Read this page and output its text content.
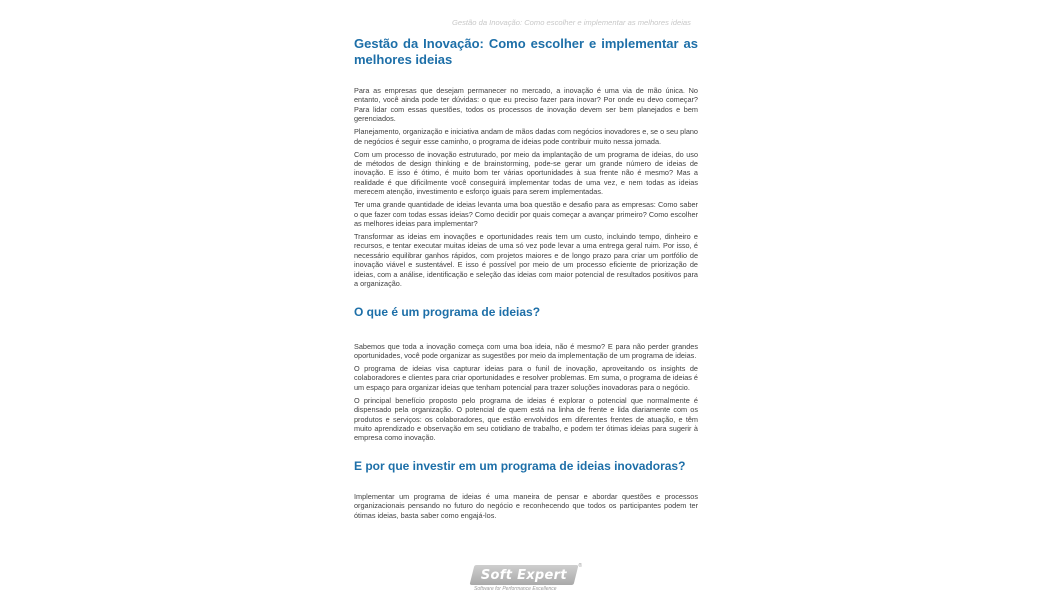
Gestão da Inovação: Como escolher e implementar as melhores ideias
Gestão da Inovação: Como escolher e implementar as melhores ideias

Para as empresas que desejam permanecer no mercado, a inovação é uma via de mão única. No entanto, você ainda pode ter dúvidas: o que eu preciso fazer para inovar? Por onde eu devo começar? Para lidar com essas questões, todos os processos de inovação devem ser bem planejados e bem gerenciados.

Planejamento, organização e iniciativa andam de mãos dadas com negócios inovadores e, se o seu plano de negócios é seguir esse caminho, o programa de ideias pode contribuir muito nessa jornada.

Com um processo de inovação estruturado, por meio da implantação de um programa de ideias, do uso de métodos de design thinking e de brainstorming, pode-se gerar um grande número de ideias de inovação. E isso é ótimo, é muito bom ter várias oportunidades à sua frente não é mesmo? Mas a realidade é que dificilmente você conseguirá implementar todas de uma vez, e nem todas as ideias merecem atenção, investimento e esforço iguais para serem implementadas.

Ter uma grande quantidade de ideias levanta uma boa questão e desafio para as empresas: Como saber o que fazer com todas essas ideias? Como decidir por quais começar a avançar primeiro? Como escolher as melhores ideias para implementar?

Transformar as ideias em inovações e oportunidades reais tem um custo, incluindo tempo, dinheiro e recursos, e tentar executar muitas ideias de uma só vez pode levar a uma entrega geral ruim. Por isso, é necessário equilibrar ganhos rápidos, com projetos maiores e de longo prazo para criar um portfólio de inovação viável e sustentável. E isso é possível por meio de um processo eficiente de priorização de ideias, com a análise, identificação e seleção das ideias com maior potencial de resultados positivos para a organização.

O que é um programa de ideias?

Sabemos que toda a inovação começa com uma boa ideia, não é mesmo? E para não perder grandes oportunidades, você pode organizar as sugestões por meio da implementação de um programa de ideias.

O programa de ideias visa capturar ideias para o funil de inovação, aproveitando os insights de colaboradores e clientes para criar oportunidades e resolver problemas. Em suma, o programa de ideias é um espaço para organizar ideias que tenham potencial para trazer soluções inovadoras para o negócio.

O principal benefício proposto pelo programa de ideias é explorar o potencial que normalmente é dispensado pela organização. O potencial de quem está na linha de frente e lida diariamente com os produtos e serviços: os colaboradores, que estão envolvidos em diferentes frentes de atuação, e têm muito aprendizado e observação em seu cotidiano de trabalho, e podem ter ótimas ideias para sugerir à empresa como inovação.

E por que investir em um programa de ideias inovadoras?

Implementar um programa de ideias é uma maneira de pensar e abordar questões e processos organizacionais pensando no futuro do negócio e reconhecendo que todos os participantes podem ter ótimas ideias, basta saber como engajá-los.

Soft Expert
®
Software for Performance Excellence
